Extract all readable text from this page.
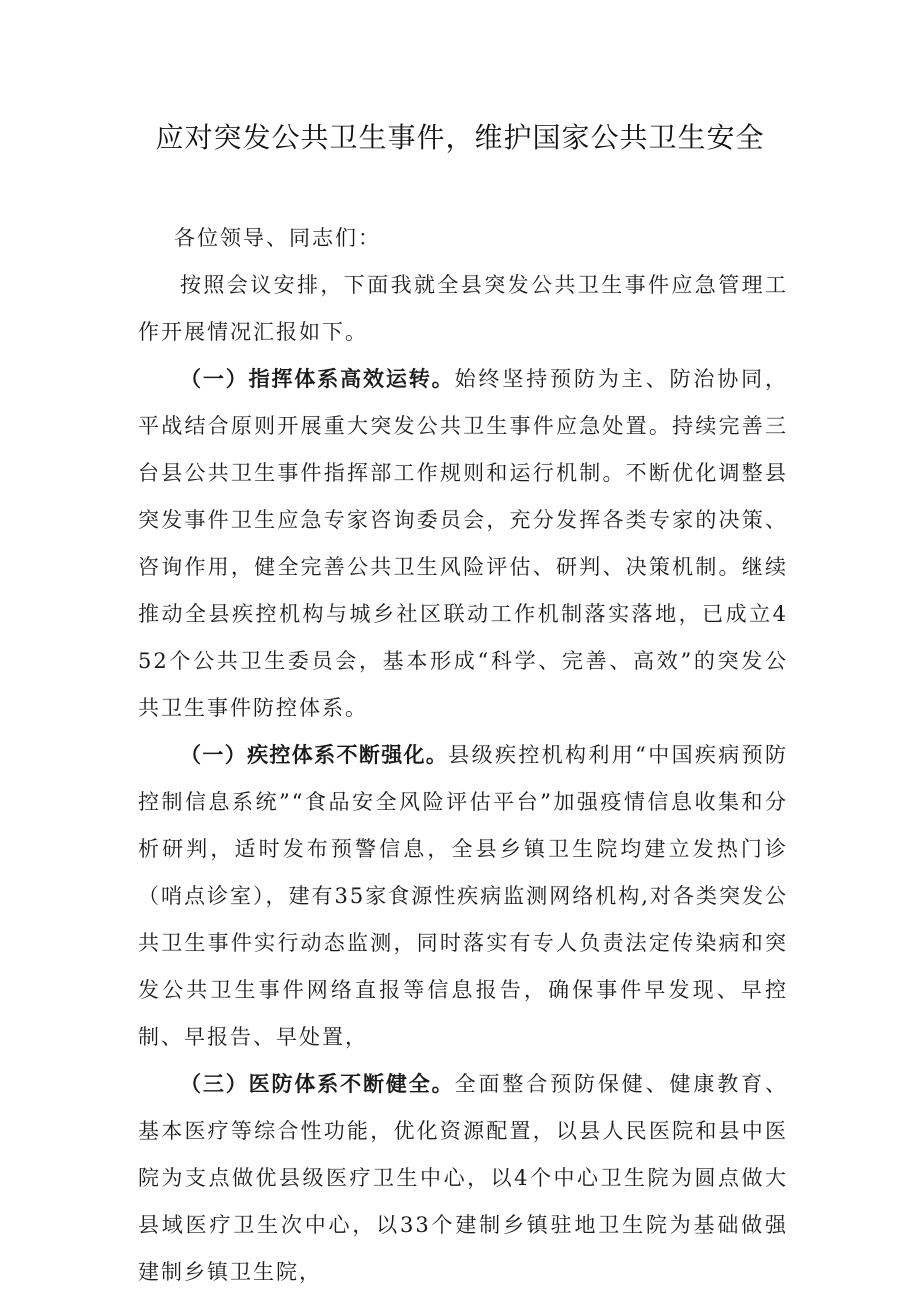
应对突发公共卫生事件，维护国家公共卫生安全

各位领导、同志们：

按照会议安排，下面我就全县突发公共卫生事件应急管理工作开展情况汇报如下。

（一）指挥体系高效运转。始终坚持预防为主、防治协同，平战结合原则开展重大突发公共卫生事件应急处置。持续完善三台县公共卫生事件指挥部工作规则和运行机制。不断优化调整县突发事件卫生应急专家咨询委员会，充分发挥各类专家的决策、咨询作用，健全完善公共卫生风险评估、研判、决策机制。继续推动全县疾控机构与城乡社区联动工作机制落实落地，已成立452个公共卫生委员会，基本形成“科学、完善、高效”的突发公共卫生事件防控体系。

（一）疾控体系不断强化。县级疾控机构利用“中国疾病预防控制信息系统”“食品安全风险评估平台”加强疫情信息收集和分析研判，适时发布预警信息，全县乡镇卫生院均建立发热门诊（哨点诊室），建有35家食源性疾病监测网络机构,对各类突发公共卫生事件实行动态监测，同时落实有专人负责法定传染病和突发公共卫生事件网络直报等信息报告，确保事件早发现、早控制、早报告、早处置，

（三）医防体系不断健全。全面整合预防保健、健康教育、基本医疗等综合性功能，优化资源配置，以县人民医院和县中医院为支点做优县级医疗卫生中心，以4个中心卫生院为圆点做大县域医疗卫生次中心，以33个建制乡镇驻地卫生院为基础做强建制乡镇卫生院，
